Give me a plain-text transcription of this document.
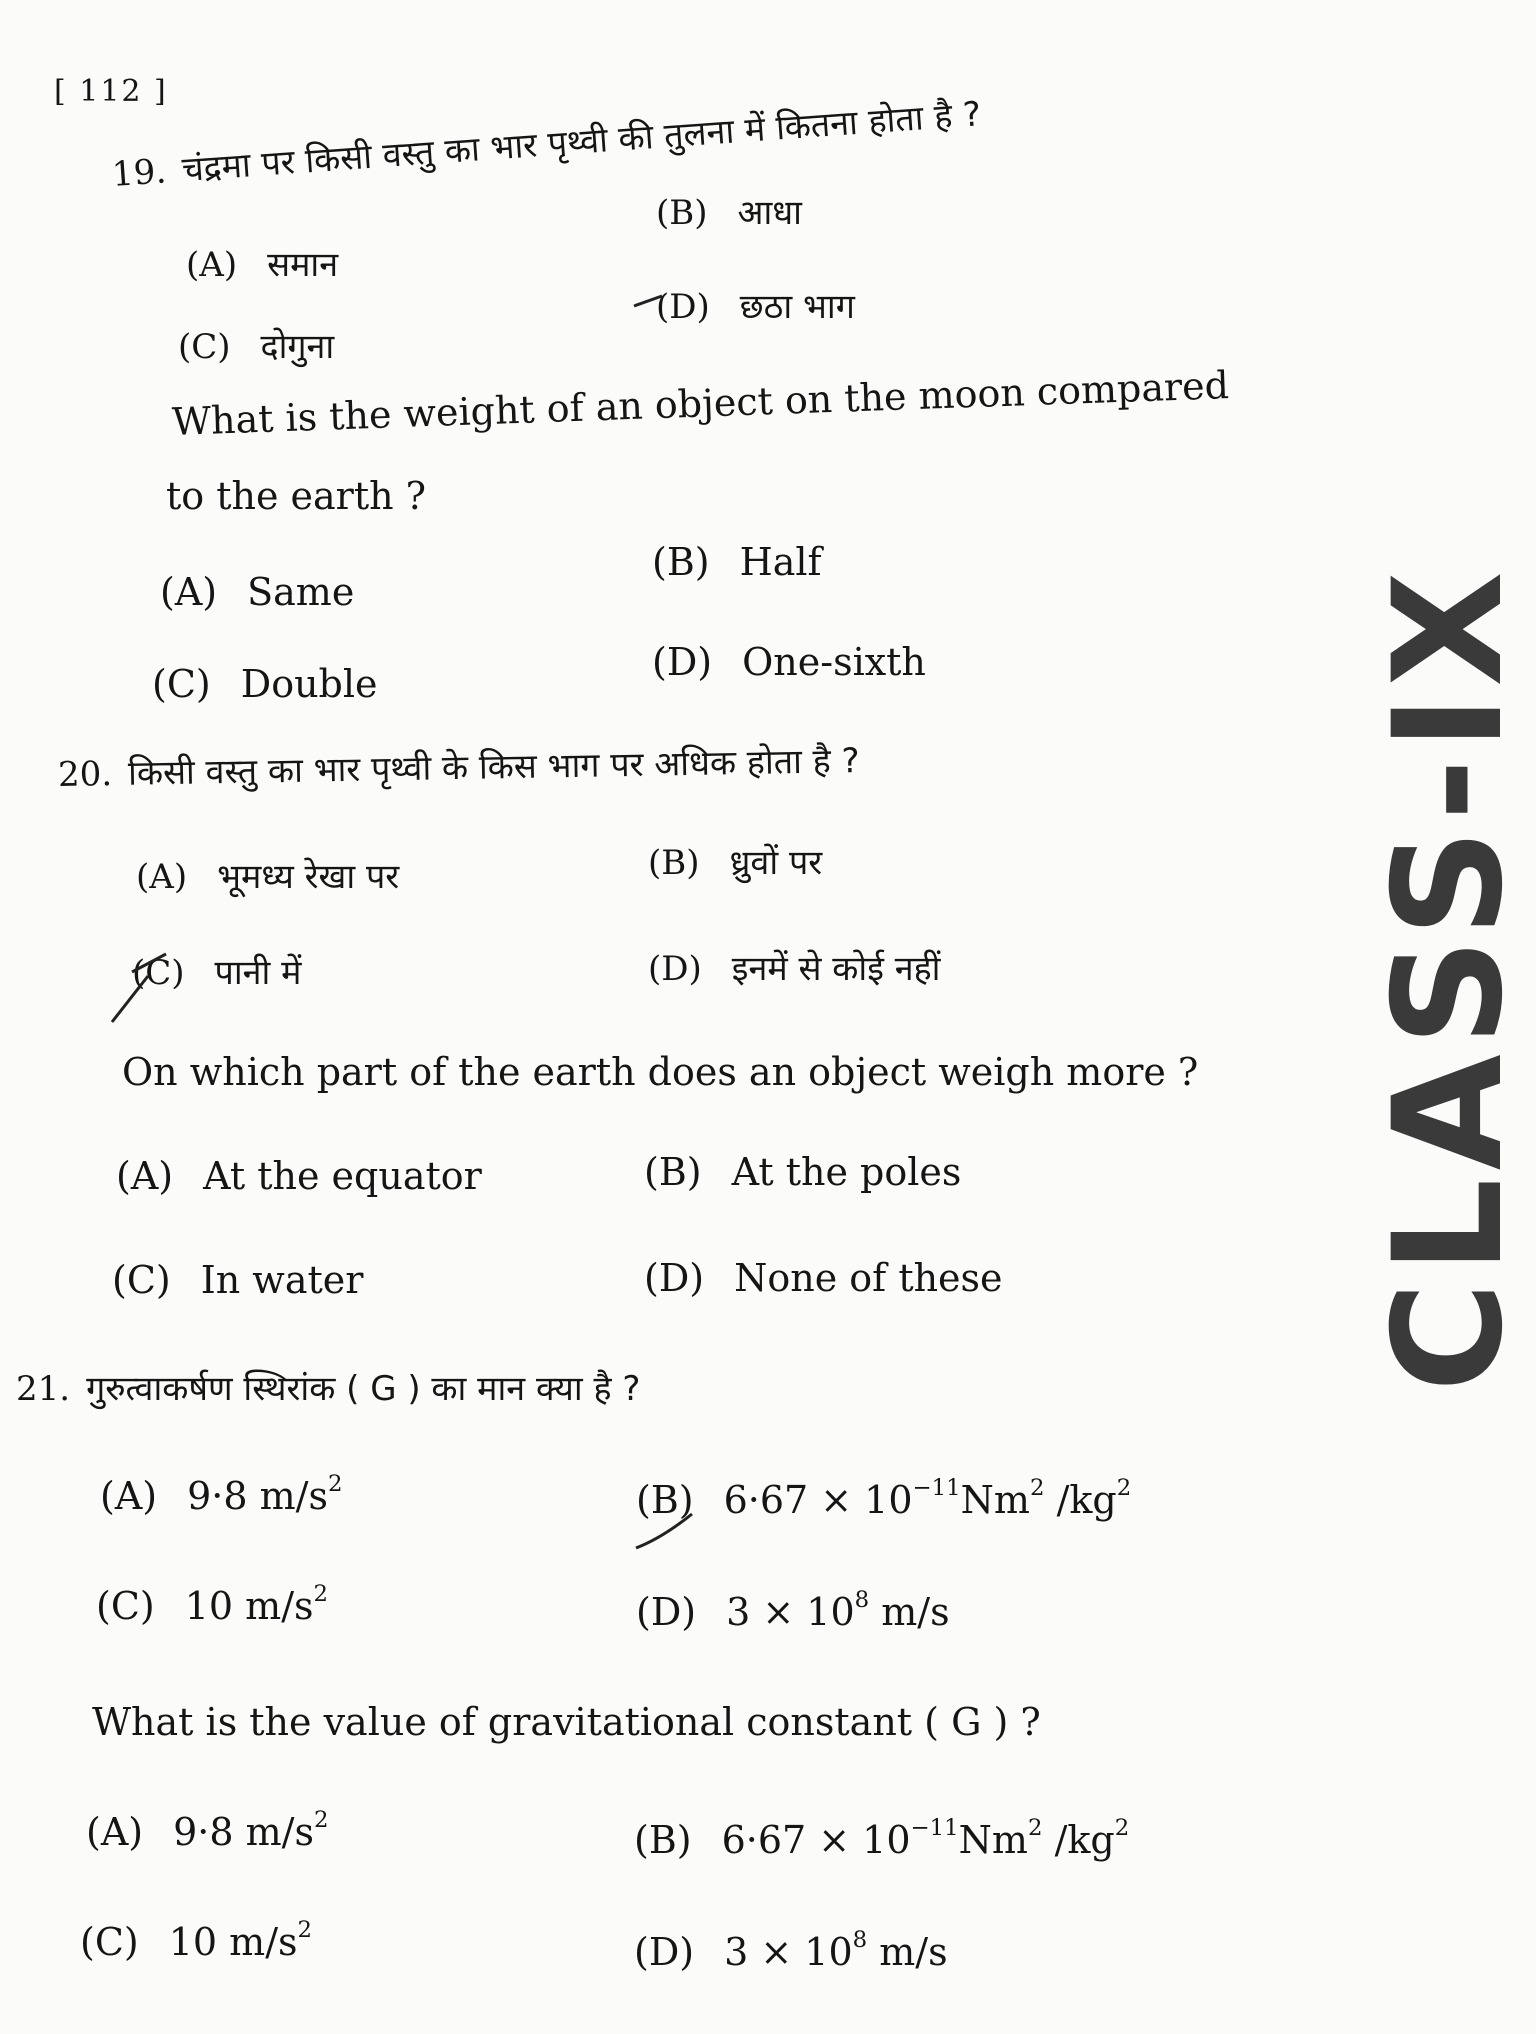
[ 112 ]
19. चंद्रमा पर किसी वस्तु का भार पृथ्वी की तुलना में कितना होता है ?
(A) समान
(B) आधा
(C) दोगुना
(D) छठा भाग
What is the weight of an object on the moon compared
to the earth ?
(A) Same
(B) Half
(C) Double	(D) One-sixth
20. किसी वस्तु का भार पृथ्वी के किस भाग पर अधिक होता है ?
(A) भूमध्य रेखा पर	(B) ध्रुवों पर
(C) पानी में	(D) इनमें से कोई नहीं
On which part of the earth does an object weigh more ?
(A) At the equator	(B) At the poles
(C) In water	(D) None of these
21. गुरुत्वाकर्षण स्थिरांक ( G ) का मान क्या है ?
(A) 9·8 $m/s^2$	(B) $6\cdot 67 \times 10^{-11}Nm^2$ $/kg^2$
(C) 10 $m/s^2$	(D) $3 \times 10^8$ m/s
What is the value of gravitational constant ( G ) ?
(A) 9·8 $m/s^2$	(B) $6\cdot 67 \times 10^{-11}Nm^2$ $/kg^2$
(C) 10 $m/s^2$
(D) $3 \times 10^8$ m/s
CLASS-IX
